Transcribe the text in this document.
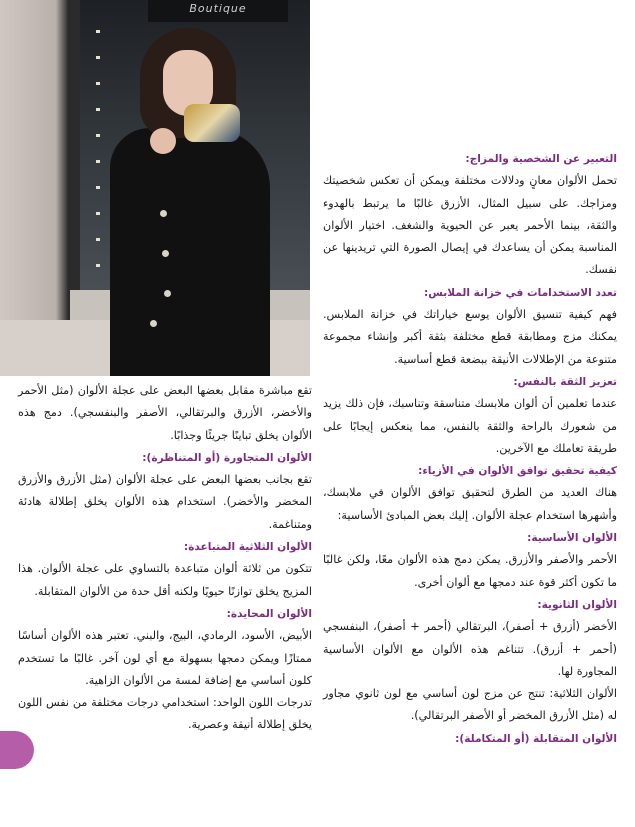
Boutique
التعبير عن الشخصية والمزاج:

تحمل الألوان معانٍ ودلالات مختلفة ويمكن أن تعكس شخصيتك ومزاجك. على سبيل المثال، الأزرق غالبًا ما يرتبط بالهدوء والثقة، بينما الأحمر يعبر عن الحيوية والشغف. اختيار الألوان المناسبة يمكن أن يساعدك في إيصال الصورة التي تريدينها عن نفسك.

تعدد الاستخدامات في خزانة الملابس:

فهم كيفية تنسيق الألوان يوسع خياراتك في خزانة الملابس. يمكنك مزج ومطابقة قطع مختلفة بثقة أكبر وإنشاء مجموعة متنوعة من الإطلالات الأنيقة ببضعة قطع أساسية.

تعزيز الثقة بالنفس:

عندما تعلمين أن ألوان ملابسك متناسقة وتناسبك، فإن ذلك يزيد من شعورك بالراحة والثقة بالنفس، مما ينعكس إيجابًا على طريقة تعاملك مع الآخرين.

كيفية تحقيق توافق الألوان في الأزياء:

هناك العديد من الطرق لتحقيق توافق الألوان في ملابسك، وأشهرها استخدام عجلة الألوان. إليك بعض المبادئ الأساسية:

الألوان الأساسية:

الأحمر والأصفر والأزرق. يمكن دمج هذه الألوان معًا، ولكن غالبًا ما تكون أكثر قوة عند دمجها مع ألوان أخرى.

الألوان الثانوية:

الأخضر (أزرق + أصفر)، البرتقالي (أحمر + أصفر)، البنفسجي (أحمر + أزرق). تتناغم هذه الألوان مع الألوان الأساسية المجاورة لها.

الألوان الثلاثية: تنتج عن مزج لون أساسي مع لون ثانوي مجاور له (مثل الأزرق المخضر أو الأصفر البرتقالي).

الألوان المتقابلة (أو المتكاملة):

تقع مباشرة مقابل بعضها البعض على عجلة الألوان (مثل الأحمر والأخضر، الأزرق والبرتقالي، الأصفر والبنفسجي). دمج هذه الألوان يخلق تباينًا جريئًا وجذابًا.

الألوان المتجاورة (أو المتناظرة):

تقع بجانب بعضها البعض على عجلة الألوان (مثل الأزرق والأزرق المخضر والأخضر). استخدام هذه الألوان يخلق إطلالة هادئة ومتناغمة.

الألوان الثلاثية المتباعدة:

تتكون من ثلاثة ألوان متباعدة بالتساوي على عجلة الألوان. هذا المزيج يخلق توازنًا حيويًا ولكنه أقل حدة من الألوان المتقابلة.

الألوان المحايدة:

الأبيض، الأسود، الرمادي، البيج، والبني. تعتبر هذه الألوان أساسًا ممتازًا ويمكن دمجها بسهولة مع أي لون آخر. غالبًا ما تستخدم كلون أساسي مع إضافة لمسة من الألوان الزاهية.

تدرجات اللون الواحد: استخدامي درجات مختلفة من نفس اللون يخلق إطلالة أنيقة وعصرية.
